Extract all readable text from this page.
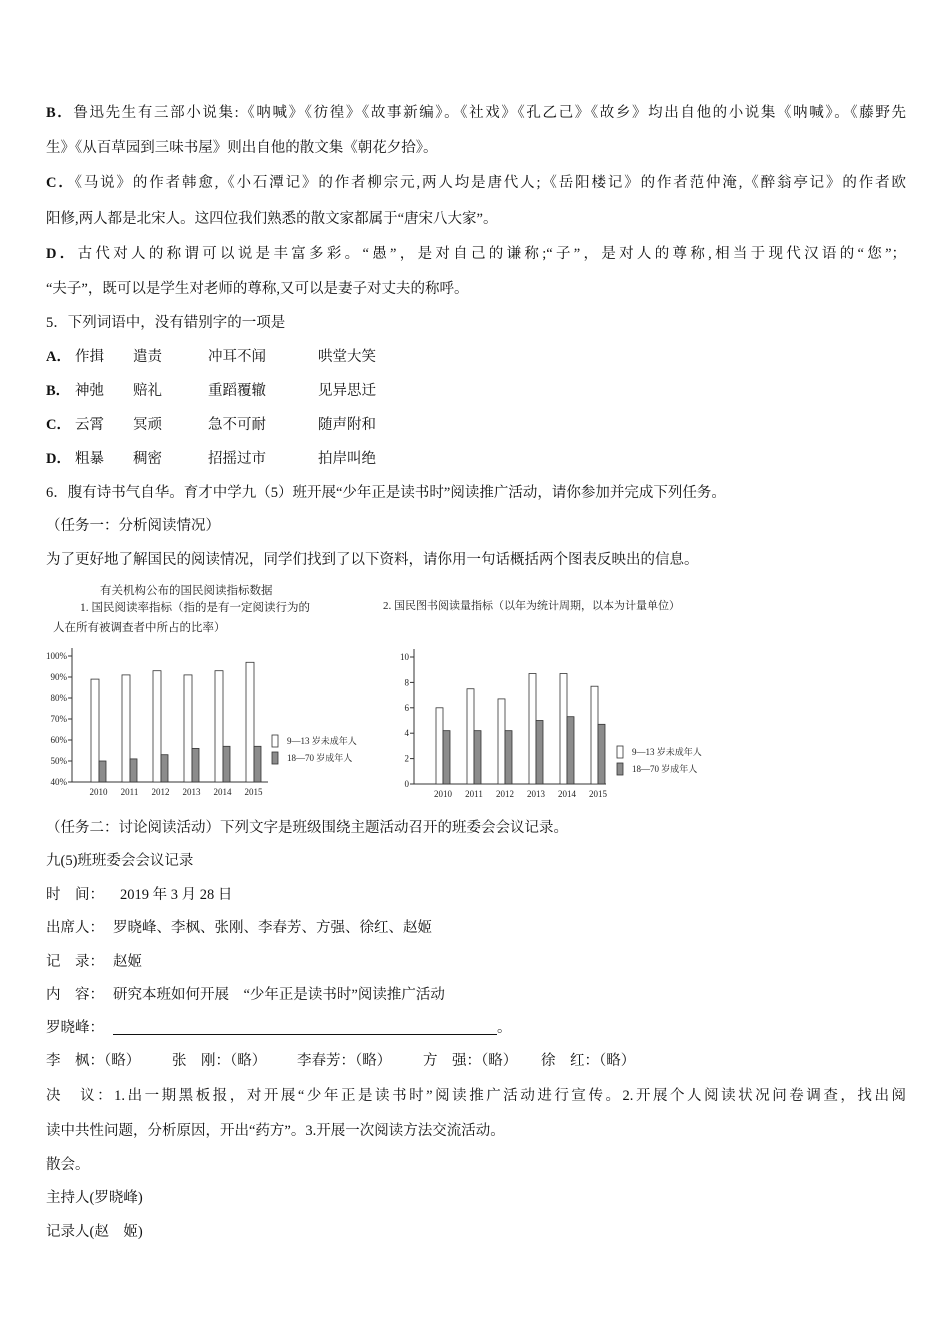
B．鲁迅先生有三部小说集:《呐喊》《彷徨》《故事新编》。《社戏》《孔乙己》《故乡》均出自他的小说集《呐喊》。《藤野先
生》《从百草园到三味书屋》则出自他的散文集《朝花夕拾》。
C．《马说》的作者韩愈,《小石潭记》的作者柳宗元,两人均是唐代人;《岳阳楼记》的作者范仲淹,《醉翁亭记》的作者欧
阳修,两人都是北宋人。这四位我们熟悉的散文家都属于“唐宋八大家”。
D．古代对人的称谓可以说是丰富多彩。“愚”，是对自己的谦称;“子”，是对人的尊称,相当于现代汉语的“您”；
“夫子”，既可以是学生对老师的尊称,又可以是妻子对丈夫的称呼。
5．下列词语中，没有错别字的一项是
A． 作揖 遣责	冲耳不闻	哄堂大笑
B． 神弛 赔礼	重蹈覆辙	见异思迁
C． 云霄 冥顽	急不可耐	随声附和
D． 粗暴 稠密	招摇过市	拍岸叫绝
6．腹有诗书气自华。育才中学九（5）班开展“少年正是读书时”阅读推广活动，请你参加并完成下列任务。
（任务一：分析阅读情况）
为了更好地了解国民的阅读情况，同学们找到了以下资料，请你用一句话概括两个图表反映出的信息。
有关机构公布的国民阅读指标数据
1. 国民阅读率指标（指的是有一定阅读行为的
人在所有被调查者中所占的比率）
2. 国民图书阅读量指标（以年为统计周期，以本为计量单位）
40%
50%
60%
70%
80%
90%
100%
2010 2011 2012 2013 2014 2015
9—13 岁未成年人
18—70 岁成年人
0
2
4
6
8
10
2010 2011 2012 2013 2014 2015
9—13 岁未成年人
18—70 岁成年人
（任务二：讨论阅读活动）下列文字是班级围绕主题活动召开的班委会会议记录。
九(5)班班委会会议记录
时　间： 2019 年 3 月 28 日
出席人： 罗晓峰、李枫、张刚、李春芳、方强、徐红、赵姬
记　录： 赵姬
内　容： 研究本班如何开展　“少年正是读书时”阅读推广活动
罗晓峰：	。
李　枫：（略） 张　刚：（略） 李春芳：（略） 方　强：（略） 徐　红：（略）
决　议：1.出一期黑板报，对开展“少年正是读书时”阅读推广活动进行宣传。2.开展个人阅读状况问卷调查，找出阅
读中共性问题，分析原因，开出“药方”。3.开展一次阅读方法交流活动。
散会。
主持人(罗晓峰)
记录人(赵　姬)
